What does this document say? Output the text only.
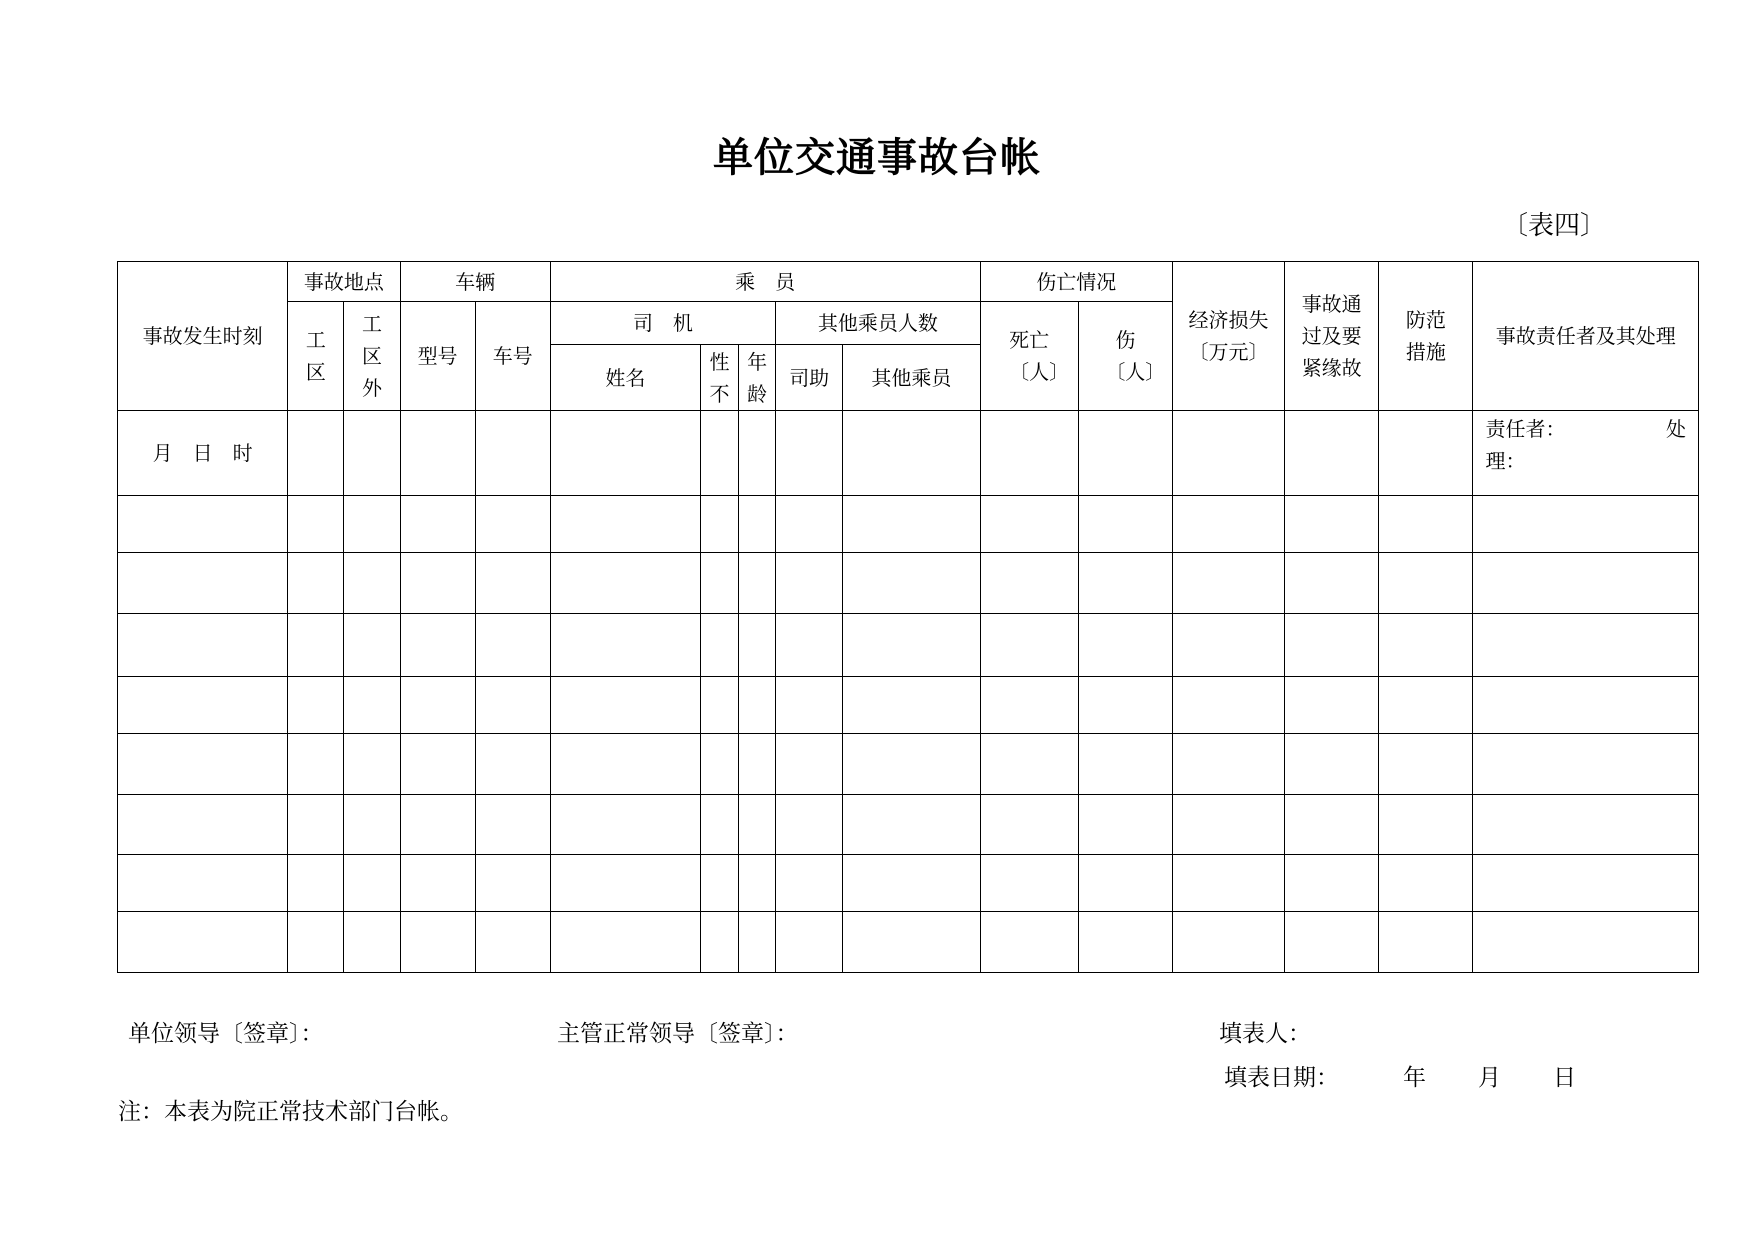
单位交通事故台帐
〔表四〕
事故发生时刻	事故地点		车辆		乘　员					伤亡情况		经济损失〔万元〕	事故通过及要紧缘故	防范措施	事故责任者及其处理

	工区	工区外	型号	车号	司　机			其他乘员人数		死亡〔人〕	伤〔人〕				

					姓名	性不	年龄	司助	其他乘员						
月 日 时															责任者： 处
理：

单位领导〔签章〕：	主管正常领导〔签章〕：	填表人：
填表日期：	年 月 日
注：本表为院正常技术部门台帐。
